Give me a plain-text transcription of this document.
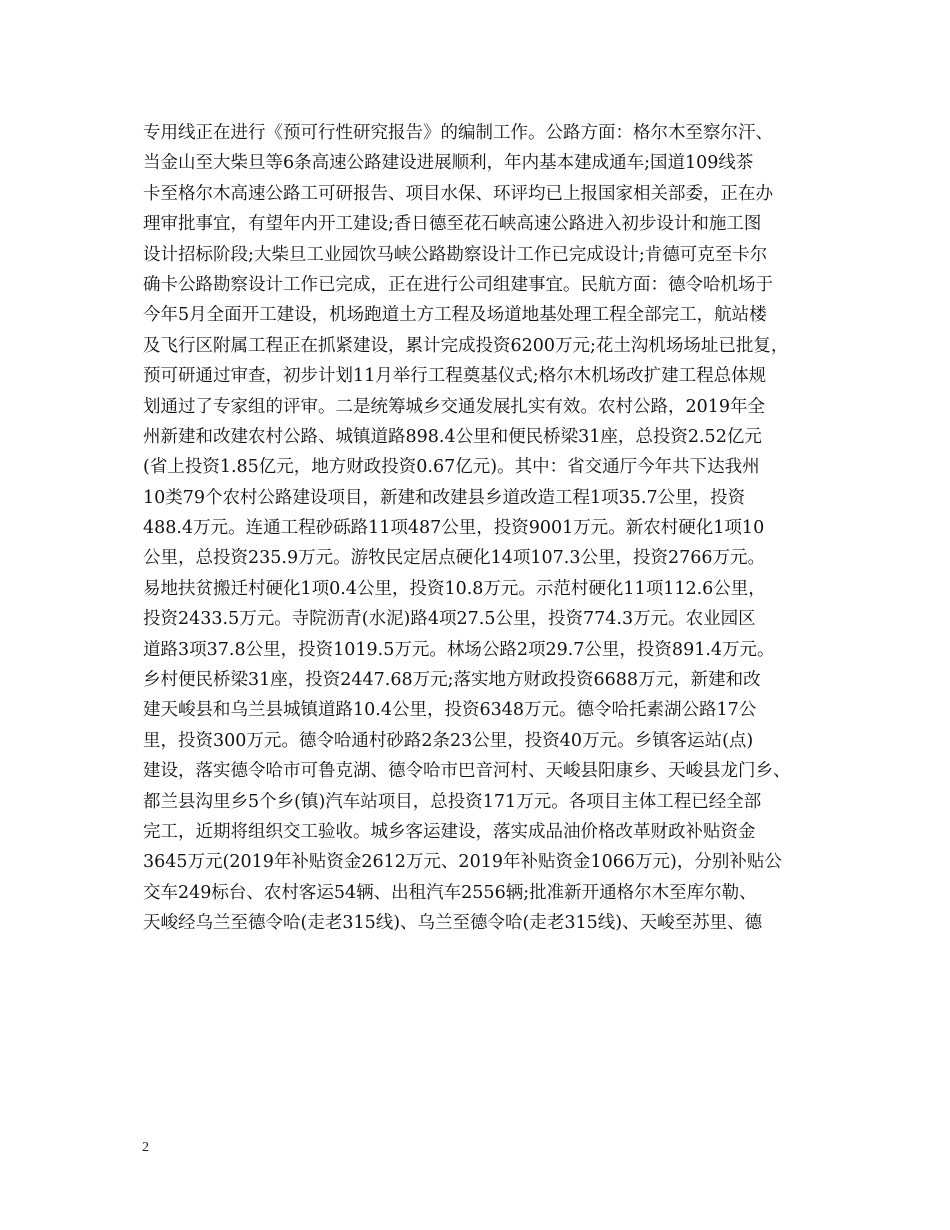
专用线正在进行《预可行性研究报告》的编制工作。公路方面：格尔木至察尔汗、
当金山至大柴旦等6条高速公路建设进展顺利，年内基本建成通车;国道109线茶
卡至格尔木高速公路工可研报告、项目水保、环评均已上报国家相关部委，正在办
理审批事宜，有望年内开工建设;香日德至花石峡高速公路进入初步设计和施工图
设计招标阶段;大柴旦工业园饮马峡公路勘察设计工作已完成设计;肯德可克至卡尔
确卡公路勘察设计工作已完成，正在进行公司组建事宜。民航方面：德令哈机场于
今年5月全面开工建设，机场跑道土方工程及场道地基处理工程全部完工，航站楼
及飞行区附属工程正在抓紧建设，累计完成投资6200万元;花土沟机场场址已批复，
预可研通过审查，初步计划11月举行工程奠基仪式;格尔木机场改扩建工程总体规
划通过了专家组的评审。二是统筹城乡交通发展扎实有效。农村公路，2019年全
州新建和改建农村公路、城镇道路898.4公里和便民桥梁31座，总投资2.52亿元
(省上投资1.85亿元，地方财政投资0.67亿元)。其中：省交通厅今年共下达我州
10类79个农村公路建设项目，新建和改建县乡道改造工程1项35.7公里，投资
488.4万元。连通工程砂砾路11项487公里，投资9001万元。新农村硬化1项10
公里，总投资235.9万元。游牧民定居点硬化14项107.3公里，投资2766万元。
易地扶贫搬迁村硬化1项0.4公里，投资10.8万元。示范村硬化11项112.6公里，
投资2433.5万元。寺院沥青(水泥)路4项27.5公里，投资774.3万元。农业园区
道路3项37.8公里，投资1019.5万元。林场公路2项29.7公里，投资891.4万元。
乡村便民桥梁31座，投资2447.68万元;落实地方财政投资6688万元，新建和改
建天峻县和乌兰县城镇道路10.4公里，投资6348万元。德令哈托素湖公路17公
里，投资300万元。德令哈通村砂路2条23公里，投资40万元。乡镇客运站(点)
建设，落实德令哈市可鲁克湖、德令哈市巴音河村、天峻县阳康乡、天峻县龙门乡、
都兰县沟里乡5个乡(镇)汽车站项目，总投资171万元。各项目主体工程已经全部
完工，近期将组织交工验收。城乡客运建设，落实成品油价格改革财政补贴资金
3645万元(2019年补贴资金2612万元、2019年补贴资金1066万元)，分别补贴公
交车249标台、农村客运54辆、出租汽车2556辆;批准新开通格尔木至库尔勒、
天峻经乌兰至德令哈(走老315线)、乌兰至德令哈(走老315线)、天峻至苏里、德
2
